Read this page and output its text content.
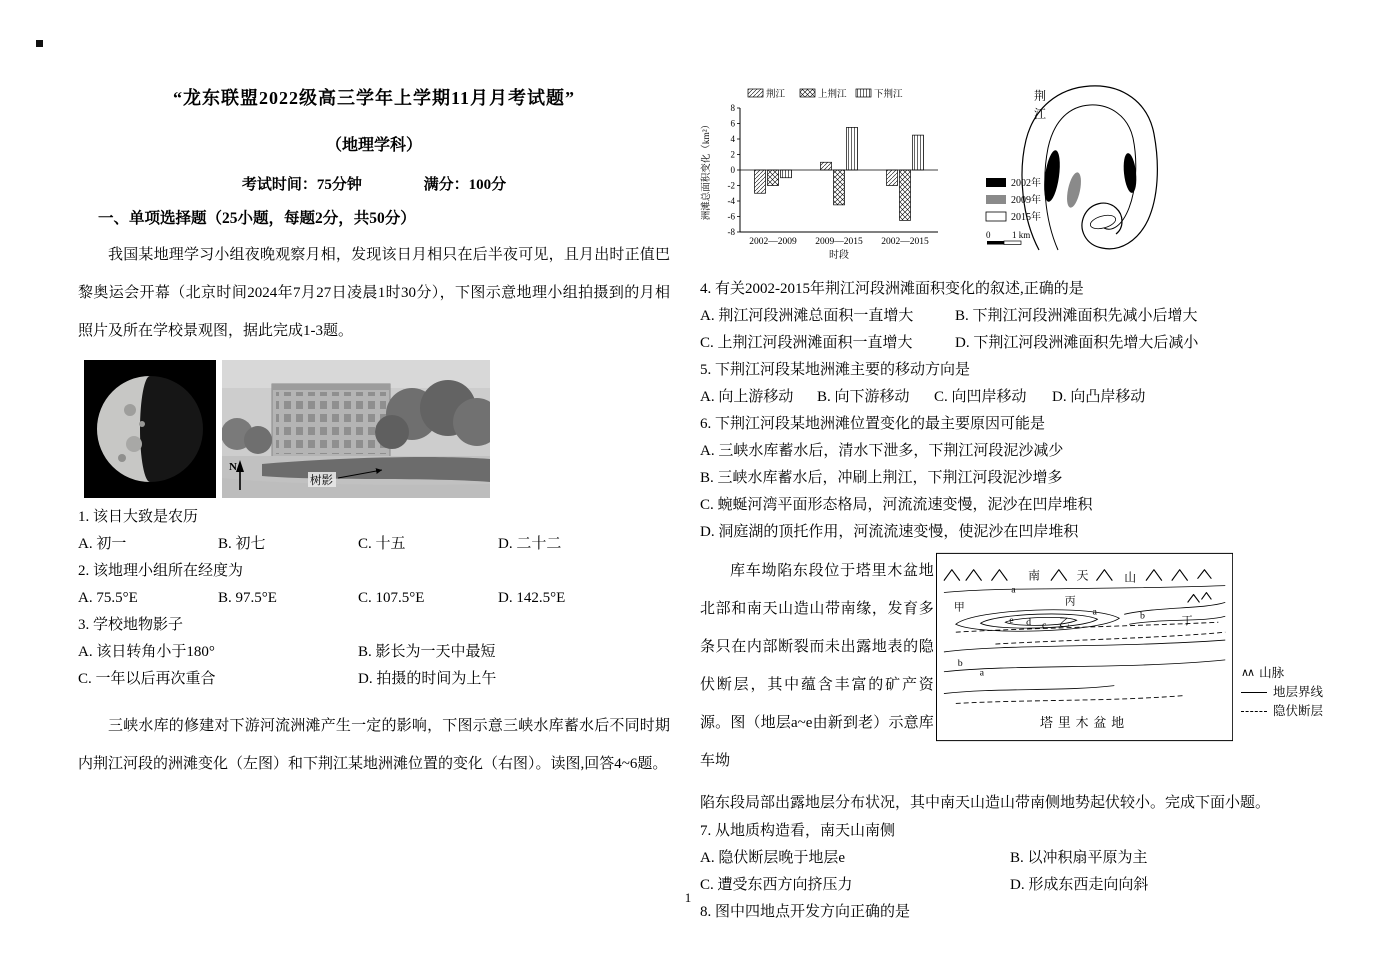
“龙东联盟2022级高三学年上学期11月月考试题”
（地理学科）
考试时间：75分钟	满分：100分
一、单项选择题（25小题，每题2分，共50分）

我国某地理学习小组夜晚观察月相，发现该日月相只在后半夜可见，且月出时正值巴黎奥运会开幕（北京时间2024年7月27日凌晨1时30分），下图示意地理小组拍摄到的月相照片及所在学校景观图，据此完成1-3题。

N
树影
1. 该日大致是农历
A. 初一	B. 初七	C. 十五	D. 二十二
2. 该地理小组所在经度为
A. 75.5°E	B. 97.5°E	C. 107.5°E	D. 142.5°E
3. 学校地物影子
A. 该日转角小于180°	B. 影长为一天中最短
C. 一年以后再次重合	D. 拍摄的时间为上午

三峡水库的修建对下游河流洲滩产生一定的影响，下图示意三峡水库蓄水后不同时期内荆江河段的洲滩变化（左图）和下荆江某地洲滩位置的变化（右图）。读图,回答4~6题。

荆江	上荆江	下荆江
-8
-6
-4
-2
0
2
4
6
8
2002—2009 2009—2015 2002—2015
洲滩总面积变化（km²）
时段
荆
江
2002年
2009年
2015年
0 1 km
4. 有关2002-2015年荆江河段洲滩面积变化的叙述,正确的是
A. 荆江河段洲滩总面积一直增大	B. 下荆江河段洲滩面积先减小后增大
C. 上荆江河段洲滩面积一直增大	D. 下荆江河段洲滩面积先增大后减小
5. 下荆江河段某地洲滩主要的移动方向是
A. 向上游移动	B. 向下游移动	C. 向凹岸移动	D. 向凸岸移动
6. 下荆江河段某地洲滩位置变化的最主要原因可能是
A. 三峡水库蓄水后，清水下泄多，下荆江河段泥沙减少
B. 三峡水库蓄水后，冲刷上荆江，下荆江河段泥沙增多
C. 蜿蜒河湾平面形态格局，河流流速变慢，泥沙在凹岸堆积
D. 洞庭湖的顶托作用，河流流速变慢，使泥沙在凹岸堆积
库车坳陷东段位于塔里木盆地北部和南天山造山带南缘，发育多条只在内部断裂而未出露地表的隐伏断层，其中蕴含丰富的矿产资源。图（地层a~e由新到老）示意库车坳
南	天	山
a
甲	丙
a
e d c 乙
b	丁
b
a
塔里木盆地
∧∧ 山脉
地层界线
隐伏断层
陷东段局部出露地层分布状况，其中南天山造山带南侧地势起伏较小。完成下面小题。
7. 从地质构造看，南天山南侧
A. 隐伏断层晚于地层e	B. 以冲积扇平原为主
C. 遭受东西方向挤压力	D. 形成东西走向向斜
8. 图中四地点开发方向正确的是
1
